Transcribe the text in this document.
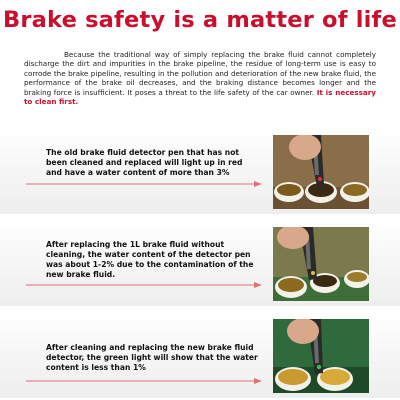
Brake safety is a matter of life
Because the traditional way of simply replacing the brake fluid cannot completely discharge the dirt and impurities in the brake pipeline, the residue of long-term use is easy to corrode the brake pipeline, resulting in the pollution and deterioration of the new brake fluid, the performance of the brake oil decreases, and the braking distance becomes longer and the braking force is insufficient. It poses a threat to the life safety of the car owner. It is necessary to clean first.
The old brake fluid detector pen that has not been cleaned and replaced will light up in red and have a water content of more than 3%
After replacing the 1L brake fluid without cleaning, the water content of the detector pen was about 1-2% due to the contamination of the new brake fluid.
After cleaning and replacing the new brake fluid detector, the green light will show that the water content is less than 1%
